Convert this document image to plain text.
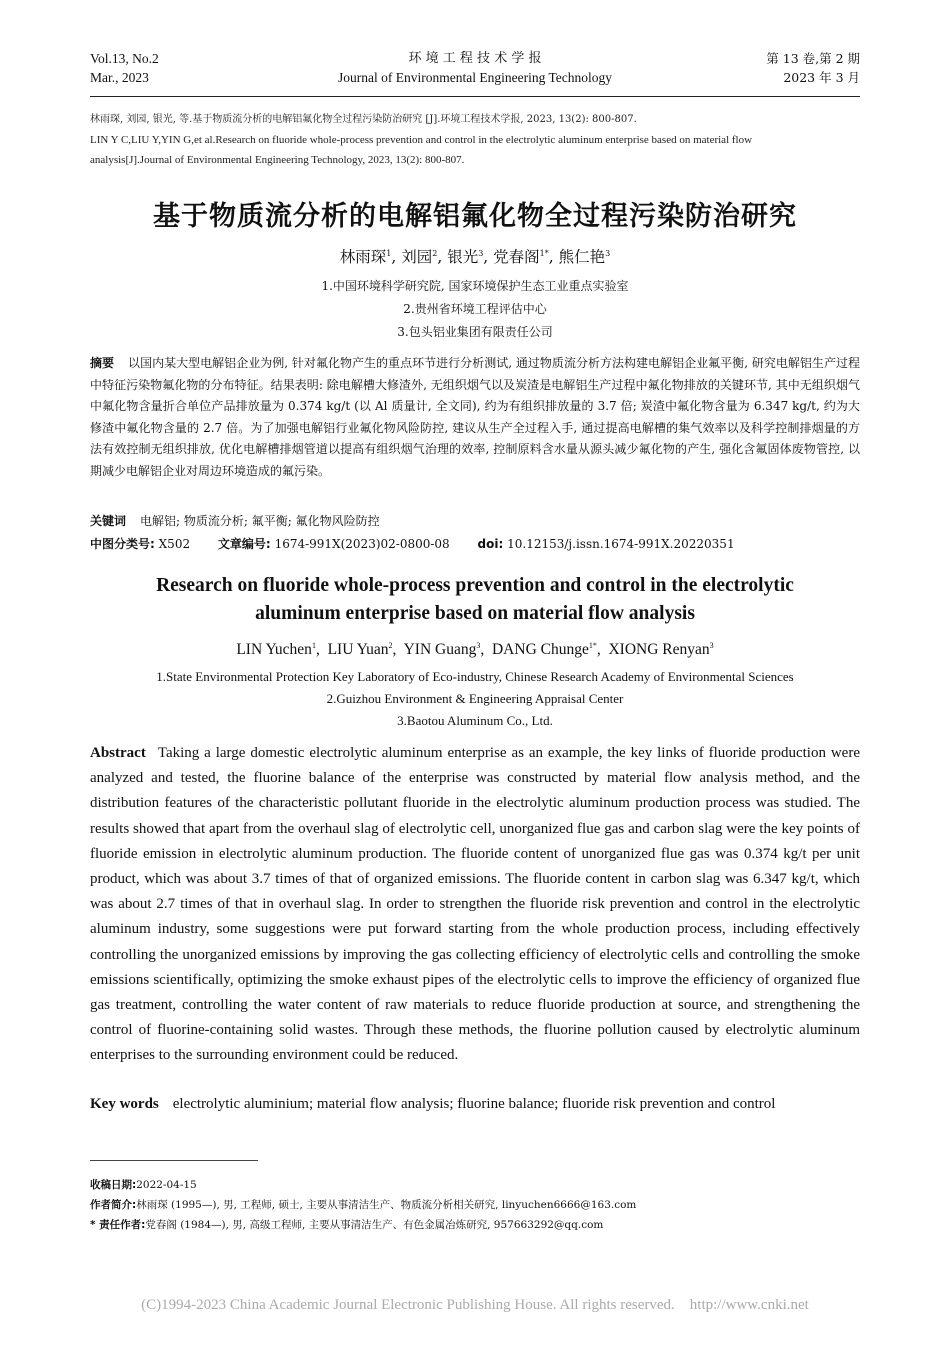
Vol.13, No.2
Mar., 2023
环 境 工 程 技 术 学 报
Journal of Environmental Engineering Technology
第 13 卷,第 2 期
2023 年 3 月
林雨琛, 刘园, 银光, 等.基于物质流分析的电解铝氟化物全过程污染防治研究 [J].环境工程技术学报, 2023, 13(2): 800-807.
LIN Y C,LIU Y,YIN G,et al.Research on fluoride whole-process prevention and control in the electrolytic aluminum enterprise based on material flow
analysis[J].Journal of Environmental Engineering Technology, 2023, 13(2): 800-807.
基于物质流分析的电解铝氟化物全过程污染防治研究
林雨琛$^1$, 刘园$^2$, 银光$^3$, 党春阁$^{1*}$, 熊仁艳$^3$
1.中国环境科学研究院, 国家环境保护生态工业重点实验室
2.贵州省环境工程评估中心
3.包头铝业集团有限责任公司
摘要 以国内某大型电解铝企业为例, 针对氟化物产生的重点环节进行分析测试, 通过物质流分析方法构建电解铝企业氟平衡, 研究电解铝生产过程中特征污染物氟化物的分布特征。结果表明: 除电解槽大修渣外, 无组织烟气以及炭渣是电解铝生产过程中氟化物排放的关键环节, 其中无组织烟气中氟化物含量折合单位产品排放量为 0.374 kg/t (以 Al 质量计, 全文同), 约为有组织排放量的 3.7 倍; 炭渣中氟化物含量为 6.347 kg/t, 约为大修渣中氟化物含量的 2.7 倍。为了加强电解铝行业氟化物风险防控, 建议从生产全过程入手, 通过提高电解槽的集气效率以及科学控制排烟量的方法有效控制无组织排放, 优化电解槽排烟管道以提高有组织烟气治理的效率, 控制原料含水量从源头减少氟化物的产生, 强化含氟固体废物管控, 以期减少电解铝企业对周边环境造成的氟污染。
关键词 电解铝; 物质流分析; 氟平衡; 氟化物风险防控
中图分类号: X502 文章编号: 1674-991X(2023)02-0800-08 doi: 10.12153/j.issn.1674-991X.20220351
Research on fluoride whole-process prevention and control in the electrolytic
aluminum enterprise based on material flow analysis
LIN Yuchen$^1$,  LIU Yuan$^2$,  YIN Guang$^3$,  DANG Chunge$^{1*}$,  XIONG Renyan$^3$
1.State Environmental Protection Key Laboratory of Eco-industry, Chinese Research Academy of Environmental Sciences
2.Guizhou Environment & Engineering Appraisal Center
3.Baotou Aluminum Co., Ltd.
Abstract Taking a large domestic electrolytic aluminum enterprise as an example, the key links of fluoride production were analyzed and tested, the fluorine balance of the enterprise was constructed by material flow analysis method, and the distribution features of the characteristic pollutant fluoride in the electrolytic aluminum production process was studied. The results showed that apart from the overhaul slag of electrolytic cell, unorganized flue gas and carbon slag were the key points of fluoride emission in electrolytic aluminum production. The fluoride content of unorganized flue gas was 0.374 kg/t per unit product, which was about 3.7 times of that of organized emissions. The fluoride content in carbon slag was 6.347 kg/t, which was about 2.7 times of that in overhaul slag. In order to strengthen the fluoride risk prevention and control in the electrolytic aluminum industry, some suggestions were put forward starting from the whole production process, including effectively controlling the unorganized emissions by improving the gas collecting efficiency of electrolytic cells and controlling the smoke emissions scientifically, optimizing the smoke exhaust pipes of the electrolytic cells to improve the efficiency of organized flue gas treatment, controlling the water content of raw materials to reduce fluoride production at source, and strengthening the control of fluorine-containing solid wastes. Through these methods, the fluorine pollution caused by electrolytic aluminum enterprises to the surrounding environment could be reduced.
Key words electrolytic aluminium; material flow analysis; fluorine balance; fluoride risk prevention and control
收稿日期:2022-04-15
作者简介:林雨琛 (1995—), 男, 工程师, 硕士, 主要从事清洁生产、物质流分析相关研究, linyuchen6666@163.com
* 责任作者:党春阁 (1984—), 男, 高级工程师, 主要从事清洁生产、有色金属冶炼研究, 957663292@qq.com
(C)1994-2023 China Academic Journal Electronic Publishing House. All rights reserved.    http://www.cnki.net
